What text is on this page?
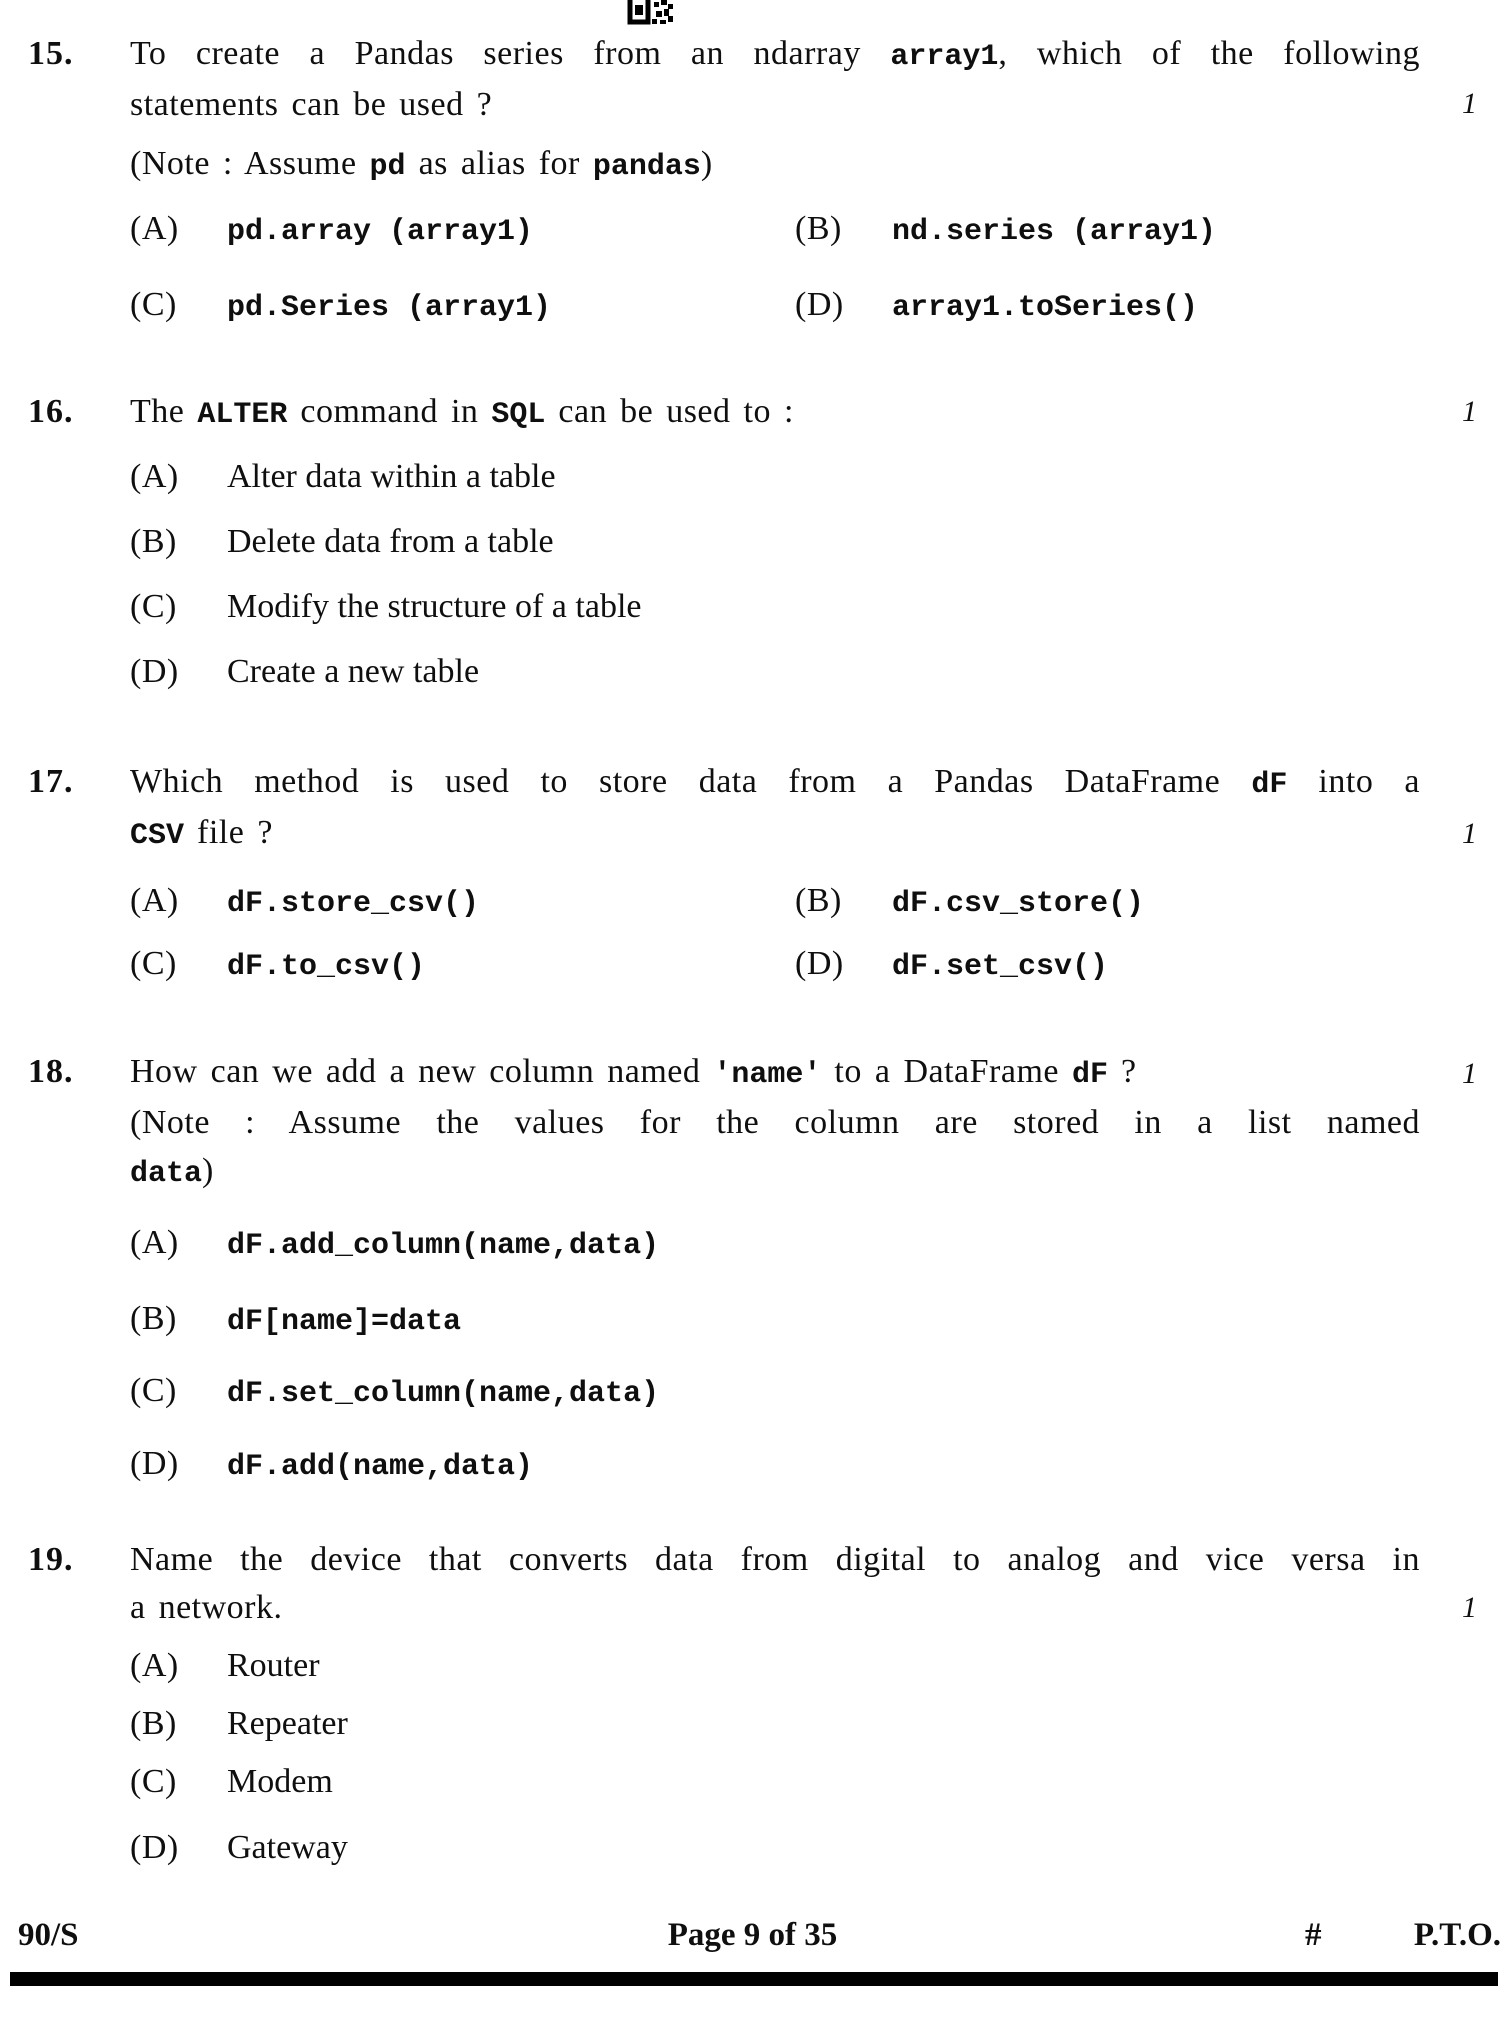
15.
1

To create a Pandas series from an ndarray array1, which of the following

statements can be used ?

(Note : Assume pd as alias for pandas)

(A) pd.array (array1)	(B) nd.series (array1)
(C) pd.Series (array1)	(D) array1.toSeries()
16.	1

The ALTER command in SQL can be used to :

(A) Alter data within a table
(B) Delete data from a table
(C) Modify the structure of a table
(D) Create a new table
17.
1

Which method is used to store data from a Pandas DataFrame dF into a

CSV file ?

(A) dF.store_csv()	(B) dF.csv_store()
(C) dF.to_csv()	(D) dF.set_csv()
18.	1

How can we add a new column named 'name' to a DataFrame dF ?

(Note : Assume the values for the column are stored in a list named

data)

(A) dF.add_column(name,data)
(B) dF[name]=data
(C) dF.set_column(name,data)
(D) dF.add(name,data)
19.
1

Name the device that converts data from digital to analog and vice versa in

a network.

(A) Router
(B) Repeater
(C) Modem
(D) Gateway
90/S	Page 9 of 35	#	P.T.O.
